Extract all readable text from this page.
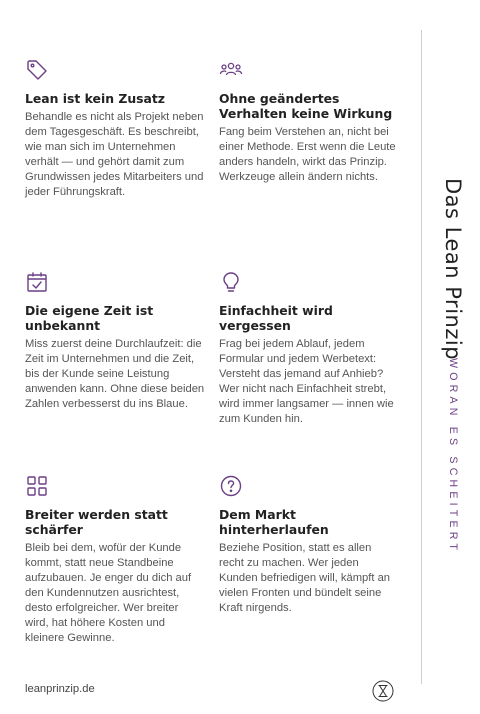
Lean ist kein Zusatz

Behandle es nicht als Projekt neben dem Tagesgeschäft. Es beschreibt, wie man sich im Unternehmen verhält — und gehört damit zum Grundwissen jedes Mitarbeiters und jeder Führungskraft.

Ohne geändertes Verhalten keine Wirkung

Fang beim Verstehen an, nicht bei einer Methode. Erst wenn die Leute anders handeln, wirkt das Prinzip. Werkzeuge allein ändern nichts.

Die eigene Zeit ist unbekannt

Miss zuerst deine Durchlaufzeit: die Zeit im Unternehmen und die Zeit, bis der Kunde seine Leistung anwenden kann. Ohne diese beiden Zahlen verbesserst du ins Blaue.

Einfachheit wird vergessen

Frag bei jedem Ablauf, jedem Formular und jedem Werbetext: Versteht das jemand auf Anhieb? Wer nicht nach Einfachheit strebt, wird immer langsamer — innen wie zum Kunden hin.

Breiter werden statt schärfer

Bleib bei dem, wofür der Kunde kommt, statt neue Standbeine aufzubauen. Je enger du dich auf den Kundennutzen ausrichtest, desto erfolgreicher. Wer breiter wird, hat höhere Kosten und kleinere Gewinne.

Dem Markt hinterherlaufen

Beziehe Position, statt es allen recht zu machen. Wer jeden Kunden befriedigen will, kämpft an vielen Fronten und bündelt seine Kraft nirgends.

Das Lean Prinzip
WORAN ES SCHEITERT
leanprinzip.de
